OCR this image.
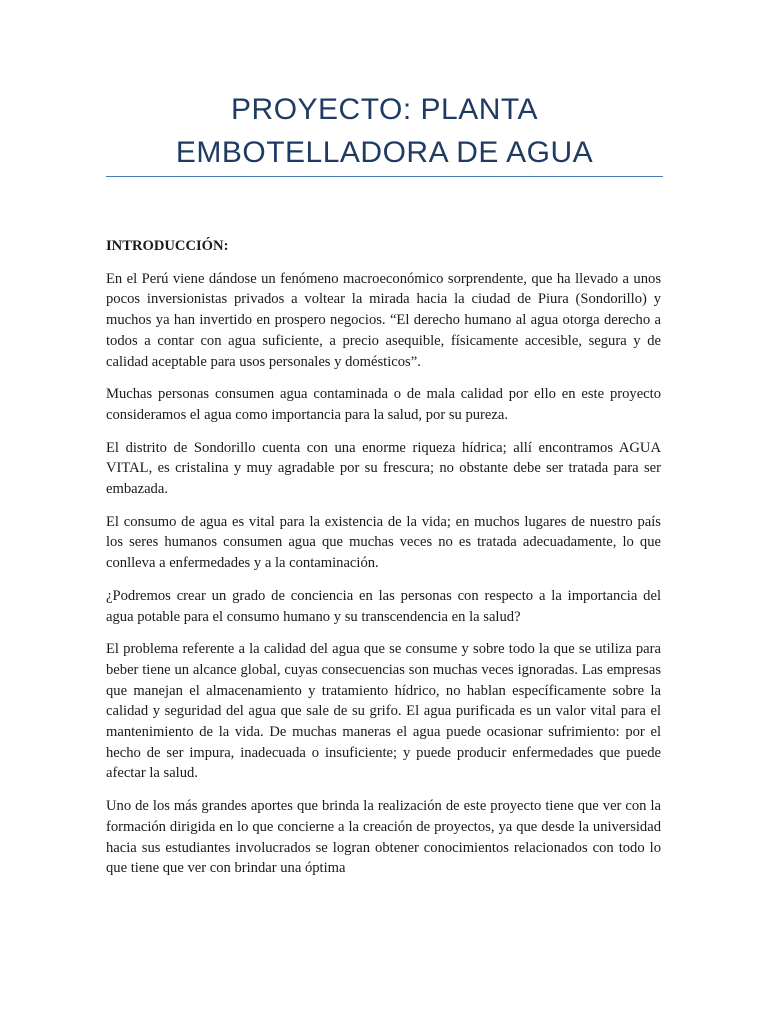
PROYECTO: PLANTA
EMBOTELLADORA DE AGUA

INTRODUCCIÓN:

En el Perú viene dándose un fenómeno macroeconómico sorprendente, que ha llevado a unos pocos inversionistas privados a voltear la mirada hacia la ciudad de Piura (Sondorillo) y muchos ya han invertido en prospero negocios. “El derecho humano al agua otorga derecho a todos a contar con agua suficiente, a precio asequible, físicamente accesible, segura y de calidad aceptable para usos personales y domésticos”.

Muchas personas consumen agua contaminada o de mala calidad por ello en este proyecto consideramos el agua como importancia para la salud, por su pureza.

El distrito de Sondorillo cuenta con una enorme riqueza hídrica; allí encontramos AGUA VITAL, es cristalina y muy agradable por su frescura; no obstante debe ser tratada para ser embazada.

El consumo de agua es vital para la existencia de la vida; en muchos lugares de nuestro país los seres humanos consumen agua que muchas veces no es tratada adecuadamente, lo que conlleva a enfermedades y a la contaminación.

¿Podremos crear un grado de conciencia en las personas con respecto a la importancia del agua potable para el consumo humano y su transcendencia en la salud?

El problema referente a la calidad del agua que se consume y sobre todo la que se utiliza para beber tiene un alcance global, cuyas consecuencias son muchas veces ignoradas. Las empresas que manejan el almacenamiento y tratamiento hídrico, no hablan específicamente sobre la calidad y seguridad del agua que sale de su grifo. El agua purificada es un valor vital para el mantenimiento de la vida. De muchas maneras el agua puede ocasionar sufrimiento: por el hecho de ser impura, inadecuada o insuficiente; y puede producir enfermedades que puede afectar la salud.

Uno de los más grandes aportes que brinda la realización de este proyecto tiene que ver con la formación dirigida en lo que concierne a la creación de proyectos, ya que desde la universidad hacia sus estudiantes involucrados se logran obtener conocimientos relacionados con todo lo que tiene que ver con brindar una óptima
